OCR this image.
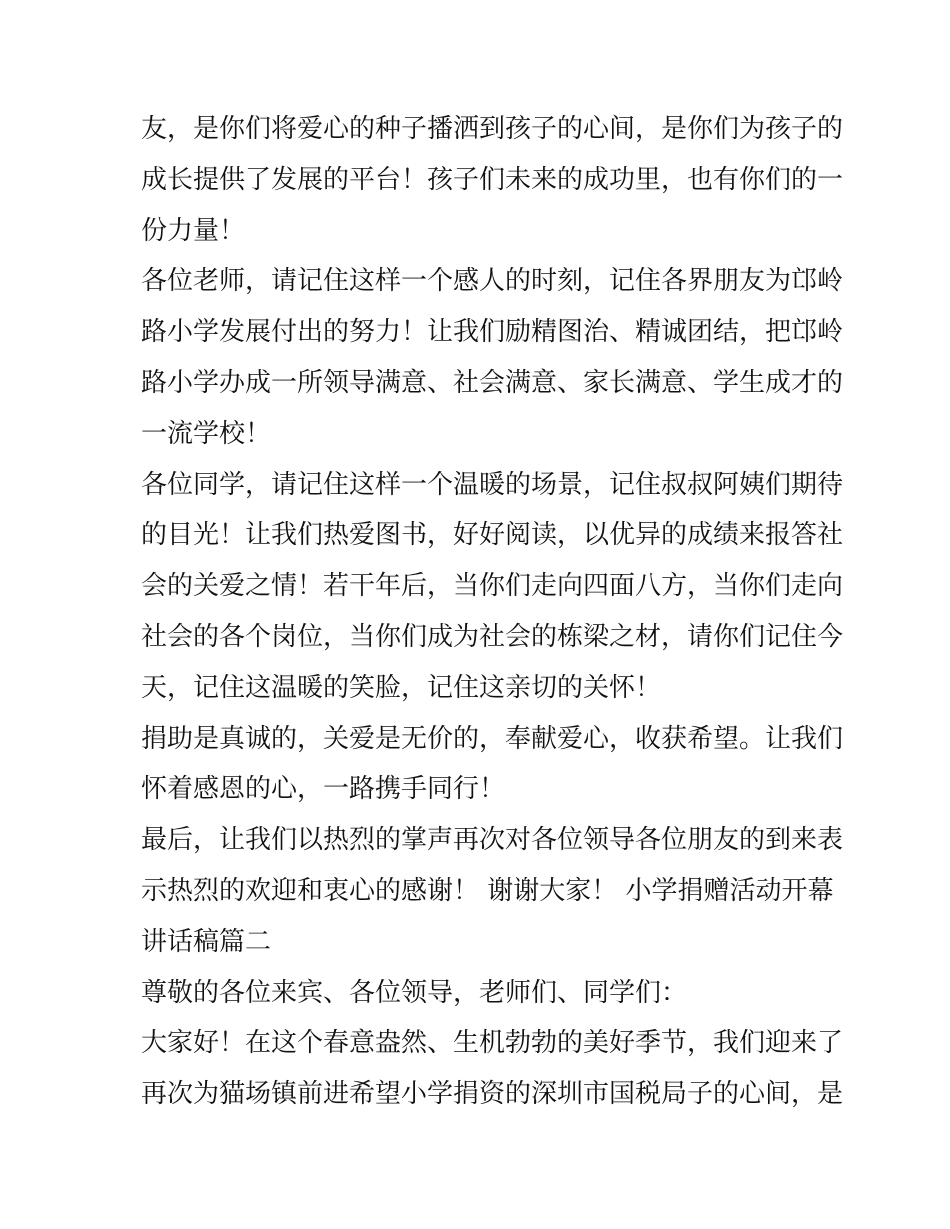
友，是你们将爱心的种子播洒到孩子的心间，是你们为孩子的
成长提供了发展的平台！孩子们未来的成功里，也有你们的一
份力量！
各位老师，请记住这样一个感人的时刻，记住各界朋友为邙岭
路小学发展付出的努力！让我们励精图治、精诚团结，把邙岭
路小学办成一所领导满意、社会满意、家长满意、学生成才的
一流学校！
各位同学，请记住这样一个温暖的场景，记住叔叔阿姨们期待
的目光！让我们热爱图书，好好阅读，以优异的成绩来报答社
会的关爱之情！若干年后，当你们走向四面八方，当你们走向
社会的各个岗位，当你们成为社会的栋梁之材，请你们记住今
天，记住这温暖的笑脸，记住这亲切的关怀！
捐助是真诚的，关爱是无价的，奉献爱心，收获希望。让我们
怀着感恩的心，一路携手同行！
最后，让我们以热烈的掌声再次对各位领导各位朋友的到来表
示热烈的欢迎和衷心的感谢！ 谢谢大家！ 小学捐赠活动开幕
讲话稿篇二
尊敬的各位来宾、各位领导，老师们、同学们：
大家好！在这个春意盎然、生机勃勃的美好季节，我们迎来了
再次为猫场镇前进希望小学捐资的深圳市国税局子的心间，是
